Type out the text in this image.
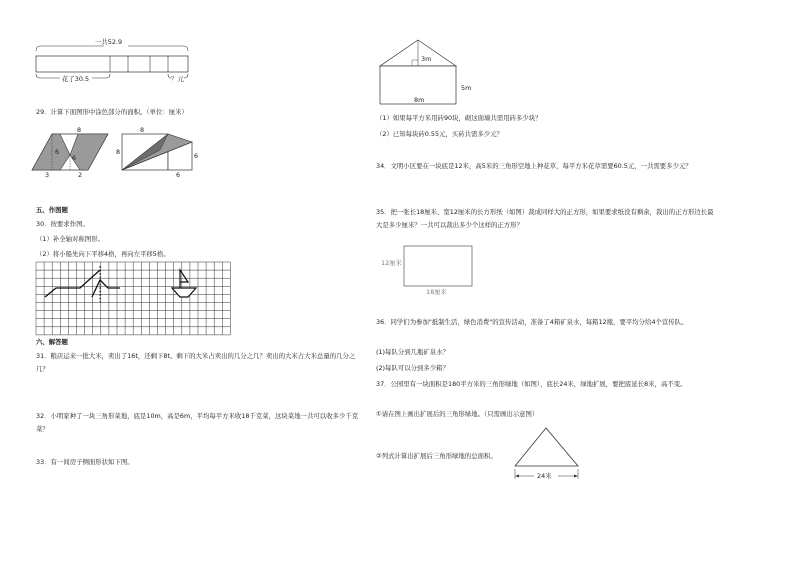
一共52.9
花了30.5	？元
29．计算下面图形中涂色部分的面积。（单位：厘米）
8
6
6
3	2
8
8	6
6
五、作图题
30．按要求作图。
（1）补全轴对称图形。
（2）将小船先向下平移4格，再向左平移5格。
六、解答题
31．粮店运来一批大米，卖出了16t，还剩下8t。剩下的大米占卖出的几分之几？卖出的大米占大米总量的几分之几？
32．小明家种了一块三角形菜地，底是10m，高是6m，平均每平方米收18千克菜，这块菜地一共可以收多少千克菜？
33．有一间房子侧面形状如下图。
3m
5m
8m
（1）如果每平方米用砖90块，砌这面墙共需用砖多少块？
（2）已知每块砖0.55元，买砖共需多少元？
34．文明小区要在一块底是12米，高5米的三角形空地上种花草，每平方米花草需要60.5元，一共需要多少元？
35．把一张长18厘米、宽12厘米的长方形纸（如图）裁成同样大的正方形，如果要求纸没有剩余，裁出的正方形边长最大是多少厘米？一共可以裁出多少个这样的正方形？
12厘米
18厘米
36．同学们为参加"抵制生活，绿色消费"的宣传活动，准备了4箱矿泉水，每箱12瓶，要平均分给4个宣传队。
(1)每队分到几瓶矿泉水？
(2)每队可以分到多少箱？
37．公园里有一块面积是180平方米的三角形绿地（如图），底长24米，绿地扩展，要把底延长8米，高不变。
①请在图上画出扩展后的三角形绿地。（只需画出示意图）
②列式计算出扩展后三角形绿地的总面积。
24米
